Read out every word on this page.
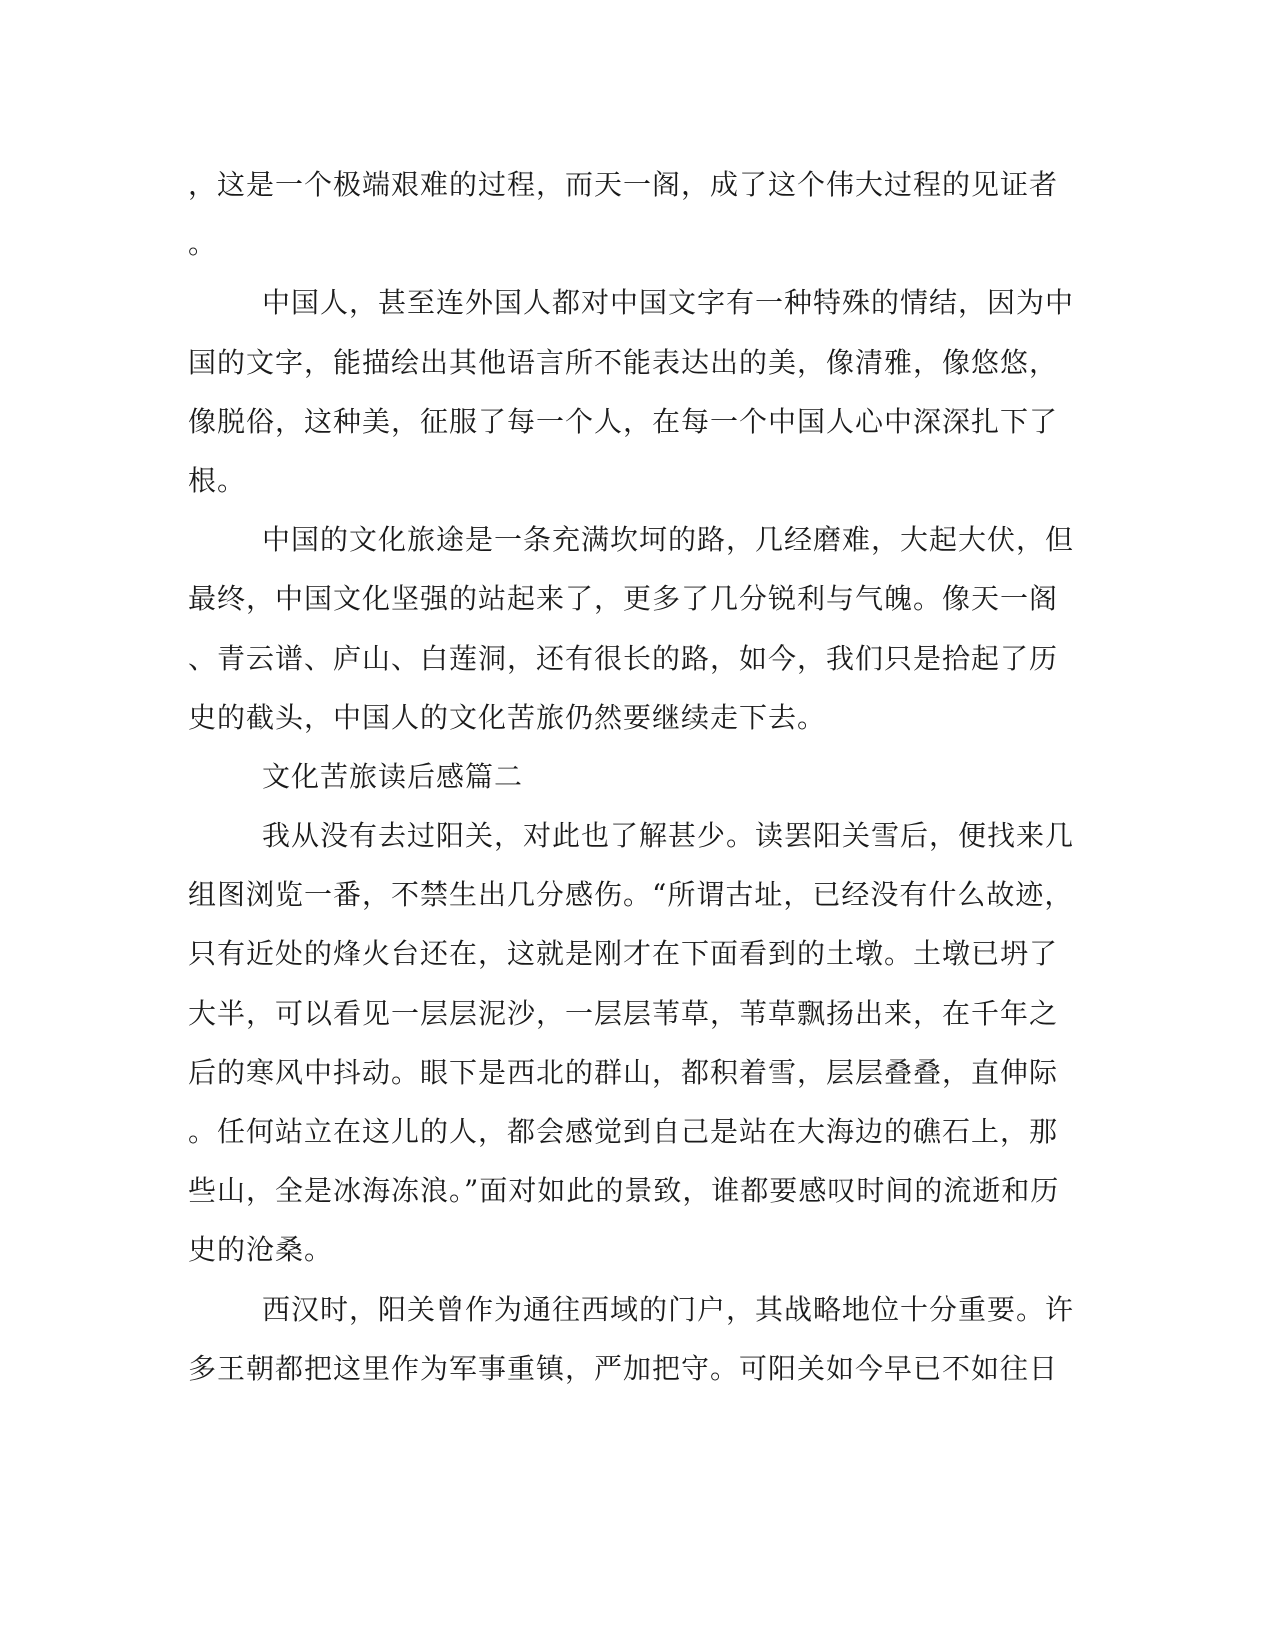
，这是一个极端艰难的过程，而天一阁，成了这个伟大过程的见证者
。
中国人，甚至连外国人都对中国文字有一种特殊的情结，因为中
国的文字，能描绘出其他语言所不能表达出的美，像清雅，像悠悠，
像脱俗，这种美，征服了每一个人，在每一个中国人心中深深扎下了
根。
中国的文化旅途是一条充满坎坷的路，几经磨难，大起大伏，但
最终，中国文化坚强的站起来了，更多了几分锐利与气魄。像天一阁
、青云谱、庐山、白莲洞，还有很长的路，如今，我们只是拾起了历
史的截头，中国人的文化苦旅仍然要继续走下去。
文化苦旅读后感篇二
我从没有去过阳关，对此也了解甚少。读罢阳关雪后，便找来几
组图浏览一番，不禁生出几分感伤。“所谓古址，已经没有什么故迹，
只有近处的烽火台还在，这就是刚才在下面看到的土墩。土墩已坍了
大半，可以看见一层层泥沙，一层层苇草，苇草飘扬出来，在千年之
后的寒风中抖动。眼下是西北的群山，都积着雪，层层叠叠，直伸际
。任何站立在这儿的人，都会感觉到自己是站在大海边的礁石上，那
些山，全是冰海冻浪。”面对如此的景致，谁都要感叹时间的流逝和历
史的沧桑。
西汉时，阳关曾作为通往西域的门户，其战略地位十分重要。许
多王朝都把这里作为军事重镇，严加把守。可阳关如今早已不如往日
